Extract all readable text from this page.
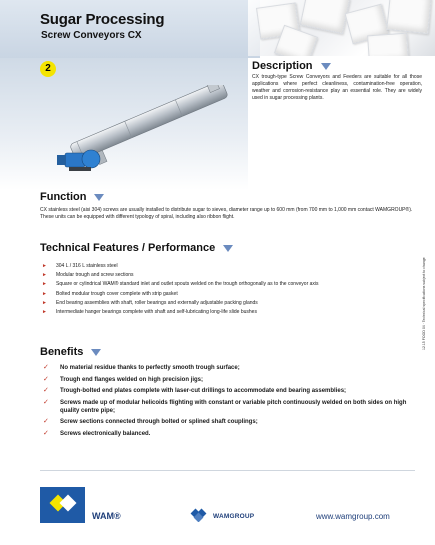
Sugar Processing
Screw Conveyors CX
2	Description
CX trough-type Screw Conveyors and Feeders are suitable for all those applications where perfect cleanliness, contamination-free operation, weather and corrosion-resistance play an essential role. They are widely used in sugar processing plants.
Function
CX stainless steel (aisi 304) screws are usually installed to distribute sugar to sieves, diameter range up to 600 mm (from 700 mm to 1,000 mm contact WAMGROUP®). These units can be equipped with different typology of spiral, including also ribbon flight.
Technical Features / Performance
► 304 L / 316 L stainless steel
► Modular trough and screw sections
► Square or cylindrical WAM® standard inlet and outlet spouts welded on the trough orthogonally as to the conveyor axis
► Bolted modular trough cover complete with strip gasket
► End bearing assemblies with shaft, roller bearings and externally adjustable packing glands
► Intermediate hanger bearings complete with shaft and self-lubricating long-life slide bushes
Benefits
✓ No material residue thanks to perfectly smooth trough surface;
✓ Trough end flanges welded on high precision jigs;
✓ Trough-bolted end plates complete with laser-cut drillings to accommodate end bearing assemblies;
✓ Screws made up of modular helicoids flighting with constant or variable pitch continuously welded on both sides on high quality centre pipe;
✓ Screw sections connected through bolted or splined shaft couplings;
✓ Screws electronically balanced.
12.15 FOOD 04 · Technical specifications subject to change
WAM®	WAMGROUP	www.wamgroup.com
